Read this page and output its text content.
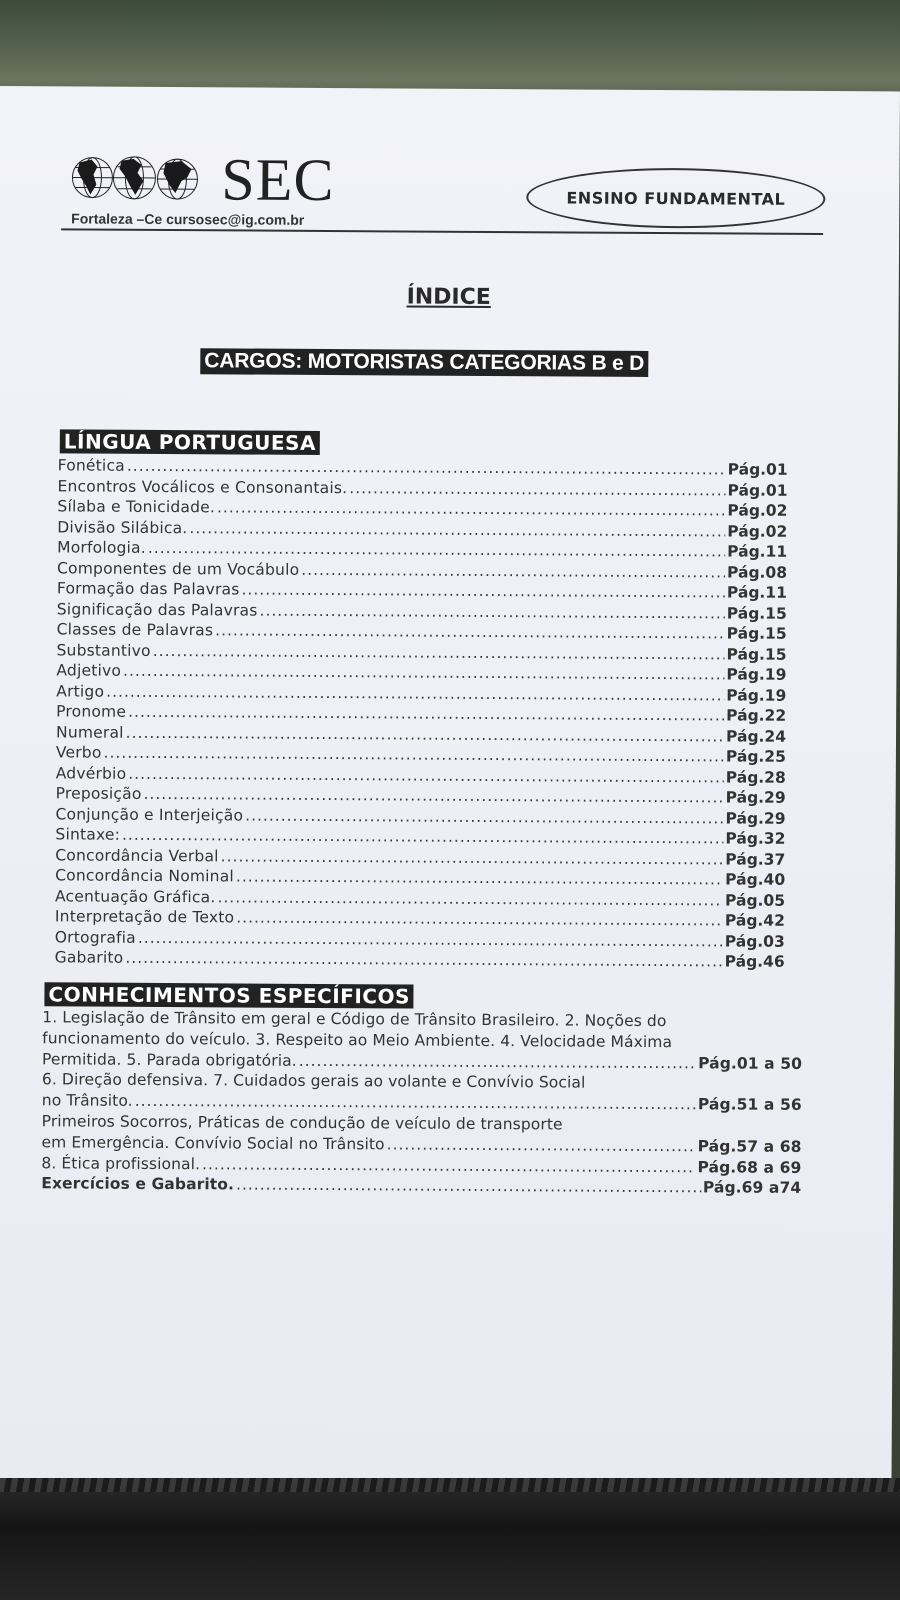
SEC
Fortaleza –Ce cursosec@ig.com.br
ENSINO FUNDAMENTAL
ÍNDICE
CARGOS: MOTORISTAS CATEGORIAS B e D
LÍNGUA PORTUGUESA
Fonética .....	Pág.01
Encontros Vocálicos e Consonantais. .....	Pág.01
Sílaba e Tonicidade. .....	Pág.02
Divisão Silábica. .....	Pág.02
Morfologia. .....	Pág.11
Componentes de um Vocábulo .....	Pág.08
Formação das Palavras .....	Pág.11
Significação das Palavras .....	Pág.15
Classes de Palavras .....	Pág.15
Substantivo .....	Pág.15
Adjetivo .....	Pág.19
Artigo .....	Pág.19
Pronome .....	Pág.22
Numeral .....	Pág.24
Verbo .....	Pág.25
Advérbio .....	Pág.28
Preposição .....	Pág.29
Conjunção e Interjeição .....	Pág.29
Sintaxe: .....	Pág.32
Concordância Verbal .....	Pág.37
Concordância Nominal .....	Pág.40
Acentuação Gráfica. .....	Pág.05
Interpretação de Texto .....	Pág.42
Ortografia .....	Pág.03
Gabarito .....	Pág.46
CONHECIMENTOS ESPECÍFICOS
1. Legislação de Trânsito em geral e Código de Trânsito Brasileiro. 2. Noções do
funcionamento do veículo. 3. Respeito ao Meio Ambiente. 4. Velocidade Máxima
Permitida. 5. Parada obrigatória. .....	Pág.01 a 50
6. Direção defensiva. 7. Cuidados gerais ao volante e Convívio Social
no Trânsito. .....	Pág.51 a 56
Primeiros Socorros, Práticas de condução de veículo de transporte
em Emergência. Convívio Social no Trânsito .....	Pág.57 a 68
8. Ética profissional. .....	Pág.68 a 69
Exercícios e Gabarito. .....	Pág.69 a74
